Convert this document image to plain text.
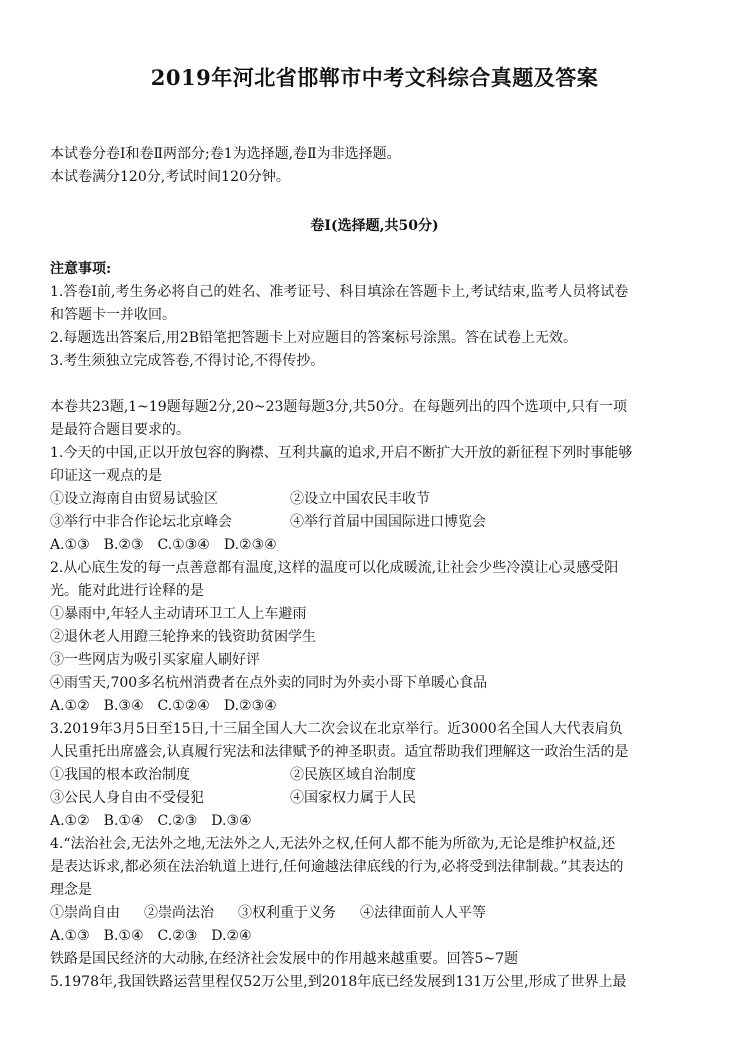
2019年河北省邯郸市中考文科综合真题及答案
本试卷分卷Ⅰ和卷Ⅱ两部分;卷1为选择题,卷Ⅱ为非选择题。
本试卷满分120分,考试时间120分钟。
卷Ⅰ(选择题,共50分)
注意事项:
1.答卷Ⅰ前,考生务必将自己的姓名、准考证号、科目填涂在答题卡上,考试结束,监考人员将试卷
和答题卡一并收回。
2.每题选出答案后,用2B铅笔把答题卡上对应题目的答案标号涂黑。答在试卷上无效。
3.考生须独立完成答卷,不得讨论,不得传抄。
本卷共23题,1~19题每题2分,20~23题每题3分,共50分。在每题列出的四个选项中,只有一项
是最符合题目要求的。
1.今天的中国,正以开放包容的胸襟、互利共赢的追求,开启不断扩大开放的新征程下列时事能够
印证这一观点的是
①设立海南自由贸易试验区	②设立中国农民丰收节
③举行中非合作论坛北京峰会	④举行首届中国国际进口博览会
A.①③ B.②③ C.①③④ D.②③④
2.从心底生发的每一点善意都有温度,这样的温度可以化成暖流,让社会少些冷漠让心灵感受阳
光。能对此进行诠释的是
①暴雨中,年轻人主动请环卫工人上车避雨
②退休老人用蹬三轮挣来的钱资助贫困学生
③一些网店为吸引买家雇人刷好评
④雨雪天,700多名杭州消费者在点外卖的同时为外卖小哥下单暖心食品
A.①② B.③④ C.①②④ D.②③④
3.2019年3月5日至15日,十三届全国人大二次会议在北京举行。近3000名全国人大代表肩负
人民重托出席盛会,认真履行宪法和法律赋予的神圣职责。适宜帮助我们理解这一政治生活的是
①我国的根本政治制度	②民族区域自治制度
③公民人身自由不受侵犯	④国家权力属于人民
A.①② B.①④ C.②③ D.③④
4.“法治社会,无法外之地,无法外之人,无法外之权,任何人都不能为所欲为,无论是维护权益,还
是表达诉求,都必须在法治轨道上进行,任何逾越法律底线的行为,必将受到法律制裁。”其表达的
理念是
①崇尚自由 ②崇尚法治 ③权利重于义务 ④法律面前人人平等
A.①③ B.①④ C.②③ D.②④
铁路是国民经济的大动脉,在经济社会发展中的作用越来越重要。回答5~7题
5.1978年,我国铁路运营里程仅52万公里,到2018年底已经发展到131万公里,形成了世界上最
